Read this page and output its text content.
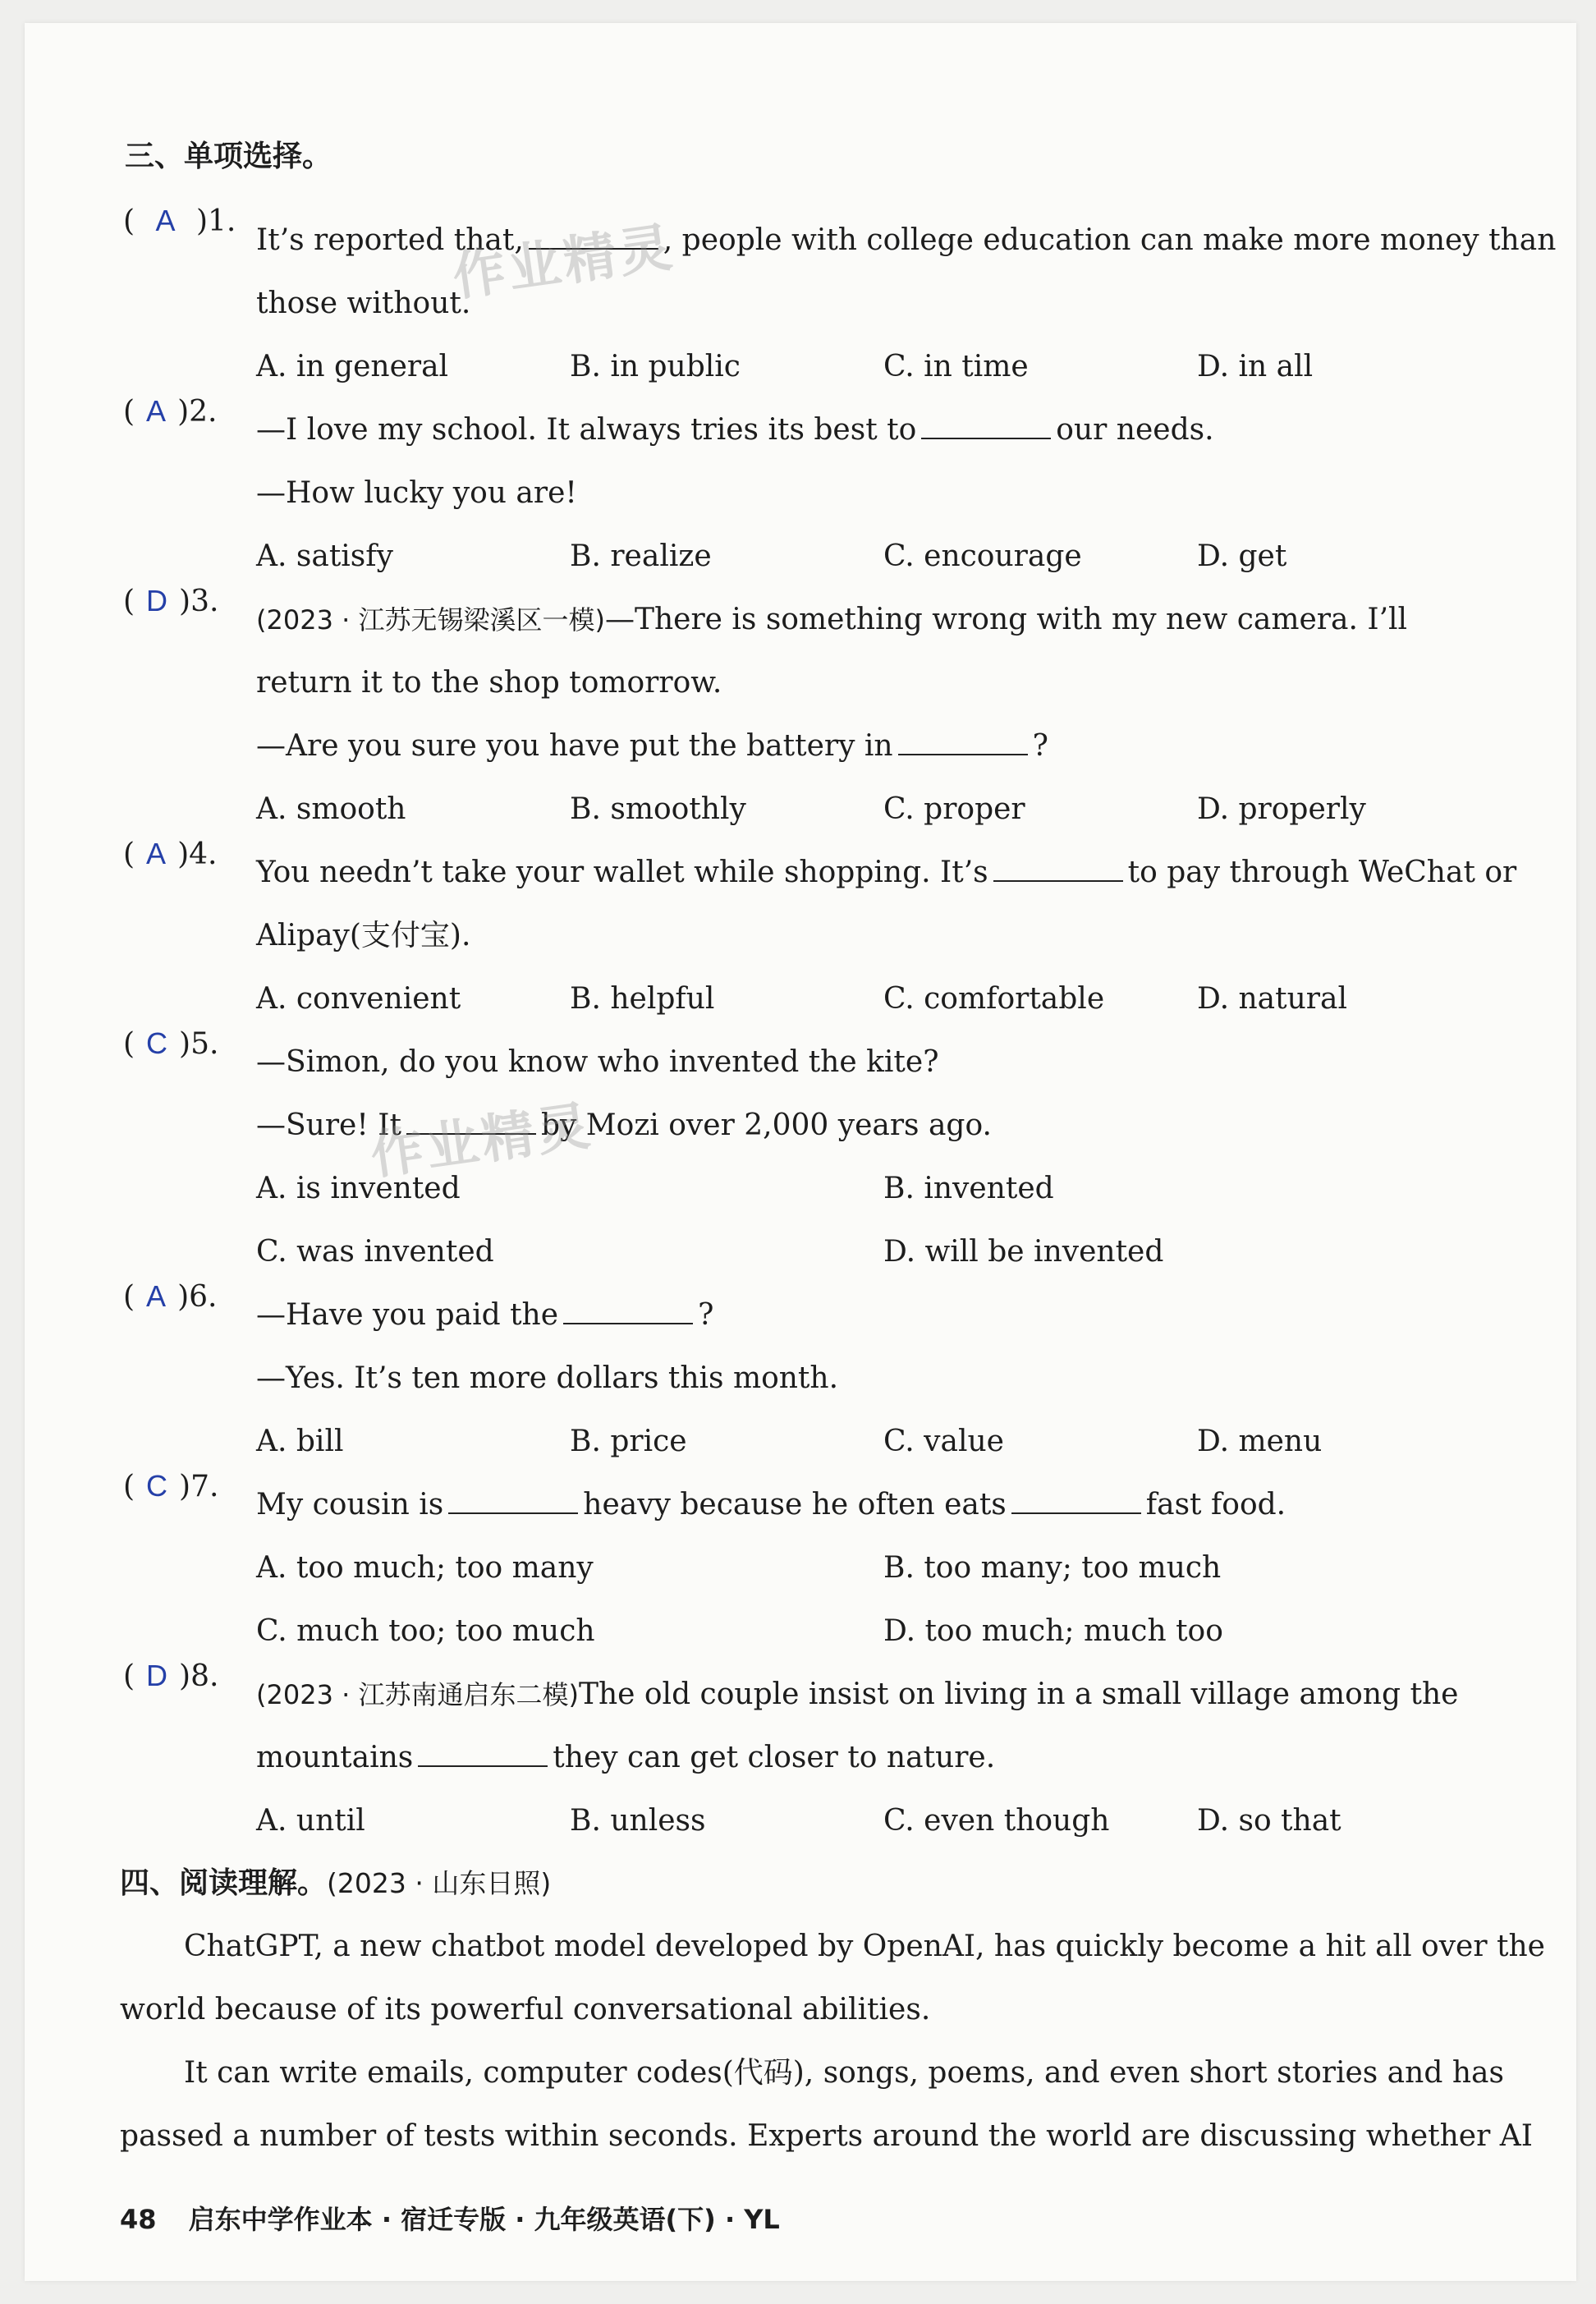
三、单项选择。
( A )1.
It’s reported that,	, people with college education can make more money than
those without.
A. in general	B. in public	C. in time	D. in all
( A )2.
—I love my school. It always tries its best to	our needs.
—How lucky you are!
A. satisfy	B. realize	C. encourage	D. get
( D )3.
(2023 · 江苏无锡梁溪区一模)—There is something wrong with my new camera. I’ll
return it to the shop tomorrow.
—Are you sure you have put the battery in	?
A. smooth	B. smoothly	C. proper	D. properly
( A )4.
You needn’t take your wallet while shopping. It’s	to pay through WeChat or
Alipay(支付宝).
A. convenient	B. helpful	C. comfortable	D. natural
( C )5.
—Simon, do you know who invented the kite?
—Sure! It	by Mozi over 2,000 years ago.
A. is invented	B. invented
C. was invented	D. will be invented
( A )6.
—Have you paid the	?
—Yes. It’s ten more dollars this month.
A. bill	B. price	C. value	D. menu
( C )7.
My cousin is	heavy because he often eats	fast food.
A. too much; too many	B. too many; too much
C. much too; too much	D. too much; much too
( D )8.
(2023 · 江苏南通启东二模)The old couple insist on living in a small village among the
mountains	they can get closer to nature.
A. until	B. unless	C. even though	D. so that
四、阅读理解。(2023 · 山东日照)
ChatGPT, a new chatbot model developed by OpenAI, has quickly become a hit all over the
world because of its powerful conversational abilities.
It can write emails, computer codes(代码), songs, poems, and even short stories and has
passed a number of tests within seconds. Experts around the world are discussing whether AI
48 启东中学作业本 · 宿迁专版 · 九年级英语(下) · YL
作业精灵
作业精灵
